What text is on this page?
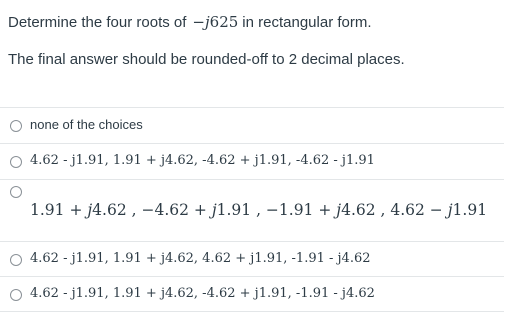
Determine the four roots of −j625 in rectangular form.
The final answer should be rounded-off to 2 decimal places.
none of the choices
4.62 - j1.91, 1.91 + j4.62, -4.62 + j1.91, -4.62 - j1.91
1.91 + j4.62 , −4.62 + j1.91 , −1.91 + j4.62 , 4.62 − j1.91
4.62 - j1.91, 1.91 + j4.62, 4.62 + j1.91, -1.91 - j4.62
4.62 - j1.91, 1.91 + j4.62, -4.62 + j1.91, -1.91 - j4.62
